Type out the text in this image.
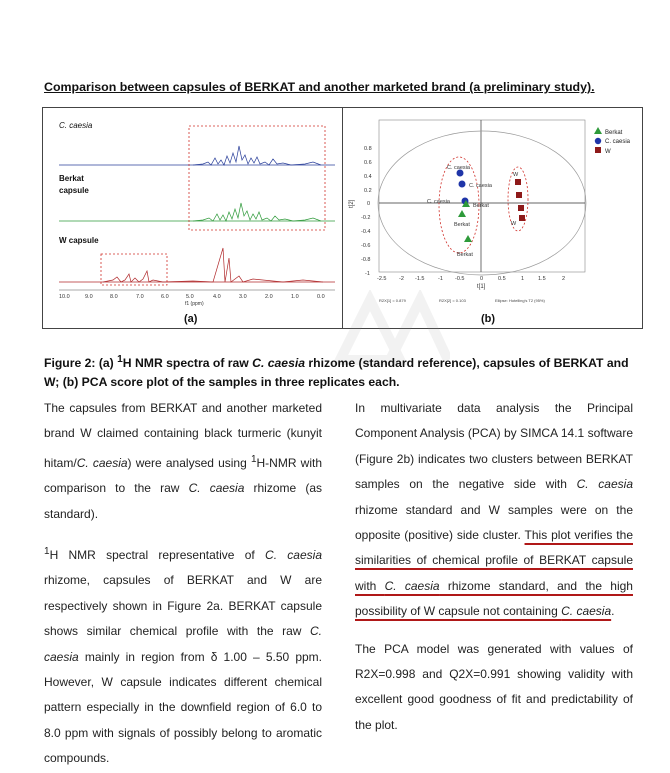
Comparison between capsules of BERKAT and another marketed brand (a preliminary study).
C. caesia
Berkat
capsule
W capsule
10.0	9.0	8.0	7.0	6.0	5.0	4.0	3.0	2.0	1.0	0.0
f1 (ppm)
(a)
0.8
0.6
0.4
0.2
0
-0.2
-0.4
-0.6
-0.8
-1
t[2]
-2.5 -2 -1.5 -1 -0.5	0	0.5	1	1.5	2
t[1]
C. caesia
C. caesia
C. caesia
Berkat
Berkat
Berkat
W
W
Berkat
C. caesia
W
R2X[1] = 0.879	R2X[2] = 0.103	Ellipse: Hotelling's T2 (95%)
(b)
Figure 2: (a) $^1$H NMR spectra of raw C. caesia rhizome (standard reference), capsules of BERKAT and W; (b) PCA score plot of the samples in three replicates each.

The capsules from BERKAT and another marketed brand W claimed containing black turmeric (kunyit hitam/C. caesia) were analysed using $^1$H-NMR with comparison to the raw C. caesia rhizome (as standard).

$^1$H NMR spectral representative of C. caesia rhizome, capsules of BERKAT and W are respectively shown in Figure 2a. BERKAT capsule shows similar chemical profile with the raw C. caesia mainly in region from δ 1.00 – 5.50 ppm. However, W capsule indicates different chemical pattern especially in the downfield region of 6.0 to 8.0 ppm with signals of possibly belong to aromatic compounds.

In multivariate data analysis the Principal Component Analysis (PCA) by SIMCA 14.1 software (Figure 2b) indicates two clusters between BERKAT samples on the negative side with C. caesia rhizome standard and W samples were on the opposite (positive) side cluster. This plot verifies the similarities of chemical profile of BERKAT capsule with C. caesia rhizome standard, and the high possibility of W capsule not containing C. caesia.

The PCA model was generated with values of R2X=0.998 and Q2X=0.991 showing validity with excellent good goodness of fit and predictability of the plot.
